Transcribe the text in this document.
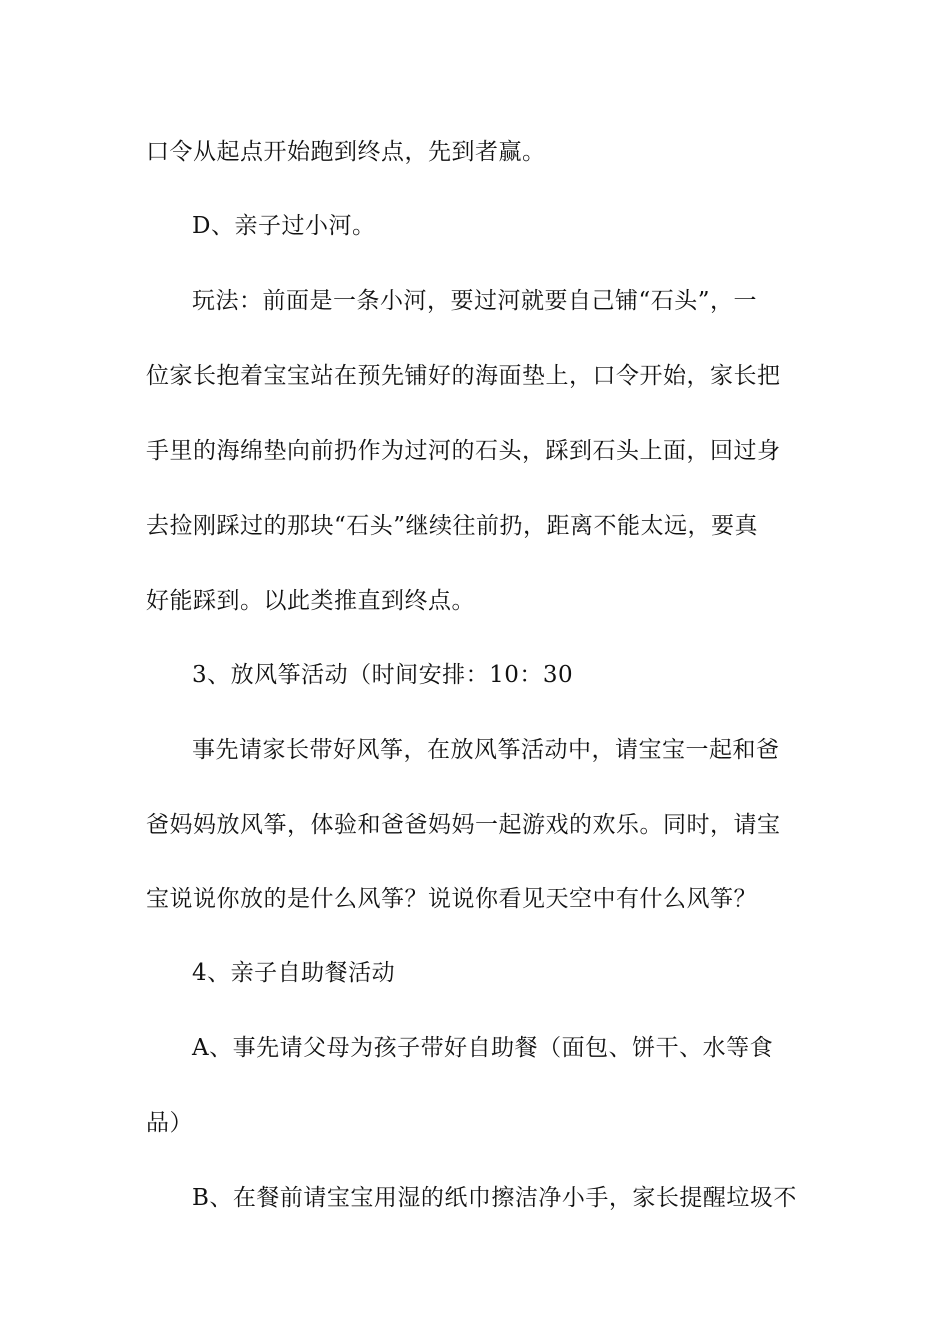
口令从起点开始跑到终点，先到者赢。
D、亲子过小河。
玩法：前面是一条小河，要过河就要自己铺“石头”，一
位家长抱着宝宝站在预先铺好的海面垫上，口令开始，家长把
手里的海绵垫向前扔作为过河的石头，踩到石头上面，回过身
去捡刚踩过的那块“石头”继续往前扔，距离不能太远，要真
好能踩到。以此类推直到终点。
3、放风筝活动（时间安排：10：30
事先请家长带好风筝，在放风筝活动中，请宝宝一起和爸
爸妈妈放风筝，体验和爸爸妈妈一起游戏的欢乐。同时，请宝
宝说说你放的是什么风筝？说说你看见天空中有什么风筝？
4、亲子自助餐活动
A、事先请父母为孩子带好自助餐（面包、饼干、水等食
品）
B、在餐前请宝宝用湿的纸巾擦洁净小手，家长提醒垃圾不
